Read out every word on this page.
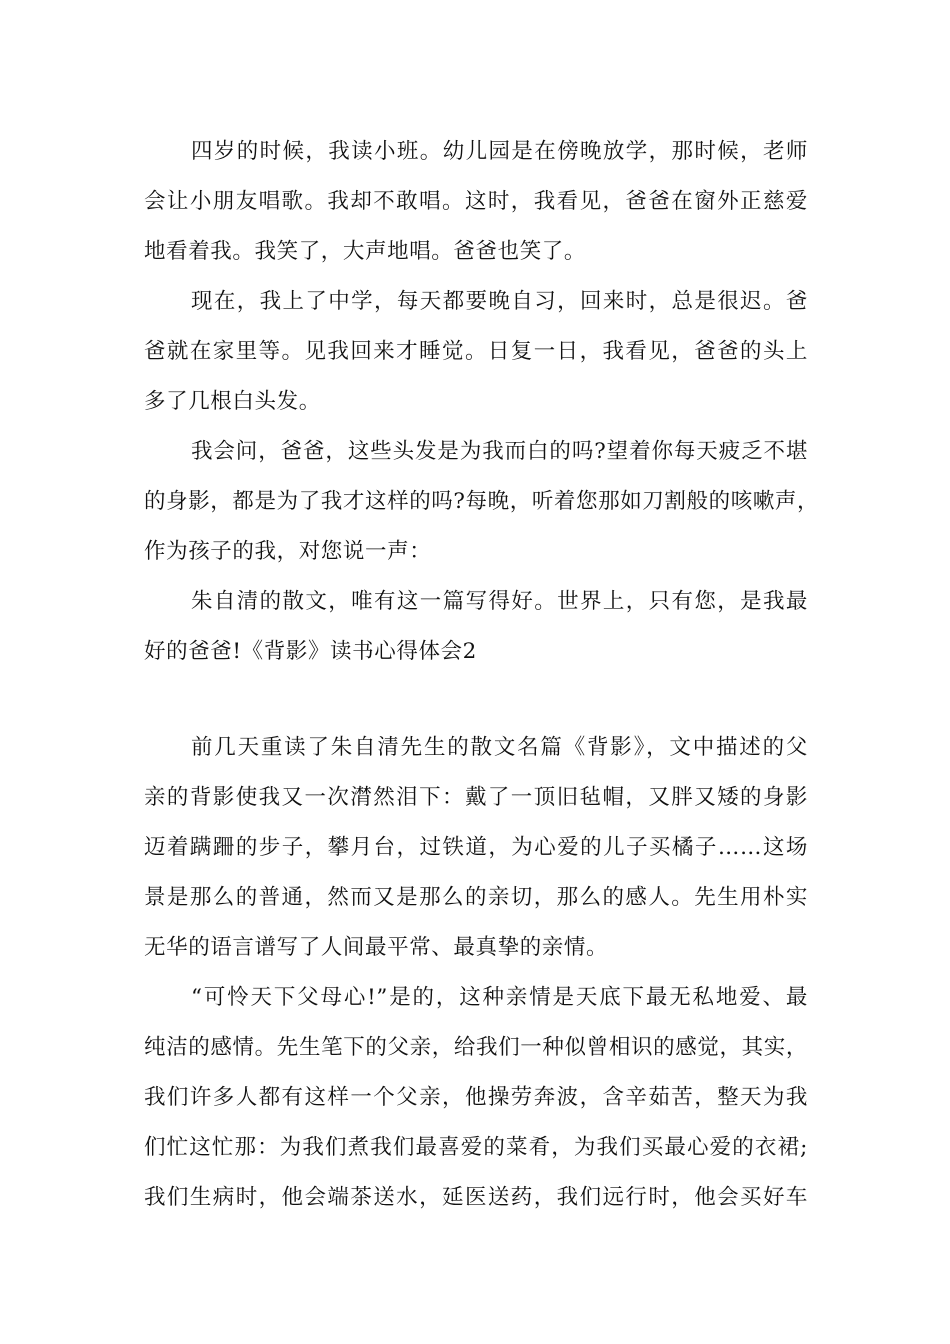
四岁的时候，我读小班。幼儿园是在傍晚放学，那时候，老师
会让小朋友唱歌。我却不敢唱。这时，我看见，爸爸在窗外正慈爱
地看着我。我笑了，大声地唱。爸爸也笑了。
现在，我上了中学，每天都要晚自习，回来时，总是很迟。爸
爸就在家里等。见我回来才睡觉。日复一日，我看见，爸爸的头上
多了几根白头发。
我会问，爸爸，这些头发是为我而白的吗?望着你每天疲乏不堪
的身影，都是为了我才这样的吗?每晚，听着您那如刀割般的咳嗽声，
作为孩子的我，对您说一声：
朱自清的散文，唯有这一篇写得好。世界上，只有您，是我最
好的爸爸!《背影》读书心得体会2
前几天重读了朱自清先生的散文名篇《背影》，文中描述的父
亲的背影使我又一次潸然泪下：戴了一顶旧毡帽，又胖又矮的身影
迈着蹒跚的步子，攀月台，过铁道，为心爱的儿子买橘子……这场
景是那么的普通，然而又是那么的亲切，那么的感人。先生用朴实
无华的语言谱写了人间最平常、最真挚的亲情。
“可怜天下父母心!”是的，这种亲情是天底下最无私地爱、最
纯洁的感情。先生笔下的父亲，给我们一种似曾相识的感觉，其实，
我们许多人都有这样一个父亲，他操劳奔波，含辛茹苦，整天为我
们忙这忙那：为我们煮我们最喜爱的菜肴，为我们买最心爱的衣裙;
我们生病时，他会端茶送水，延医送药，我们远行时，他会买好车
